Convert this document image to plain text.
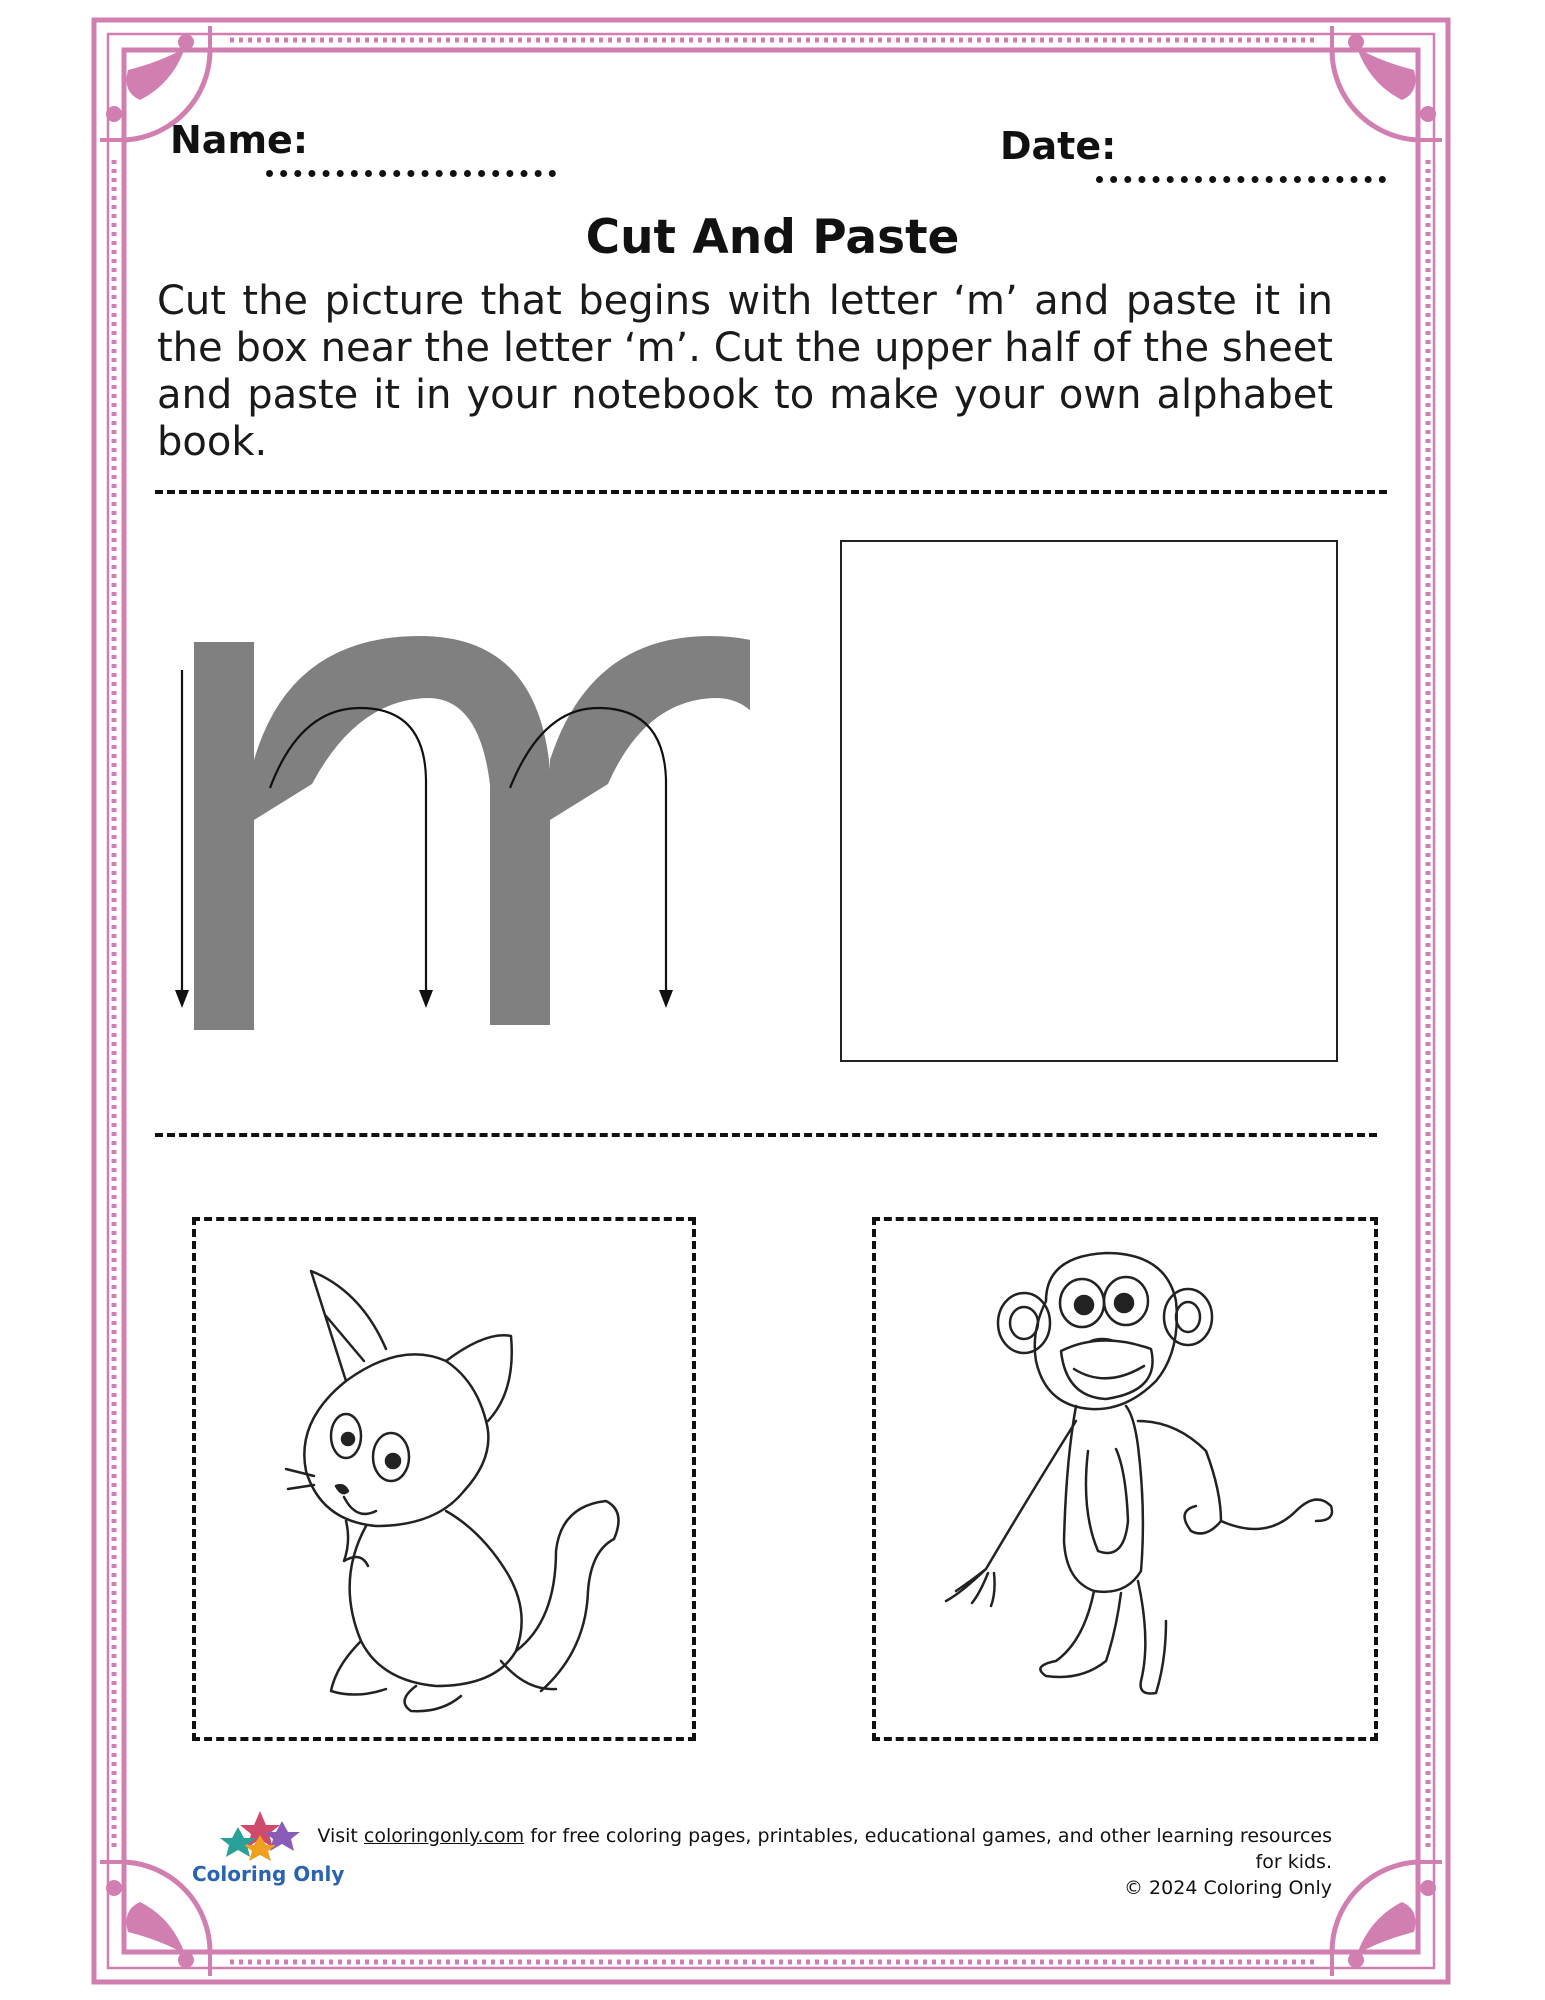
Name:	Date:
Cut And Paste
Cut the picture that begins with letter ‘m’ and paste it in the box near the letter ‘m’. Cut the upper half of the sheet and paste it in your notebook to make your own alphabet book.
Coloring Only
Visit coloringonly.com for free coloring pages, printables, educational games, and other learning resources for kids.
© 2024 Coloring Only
